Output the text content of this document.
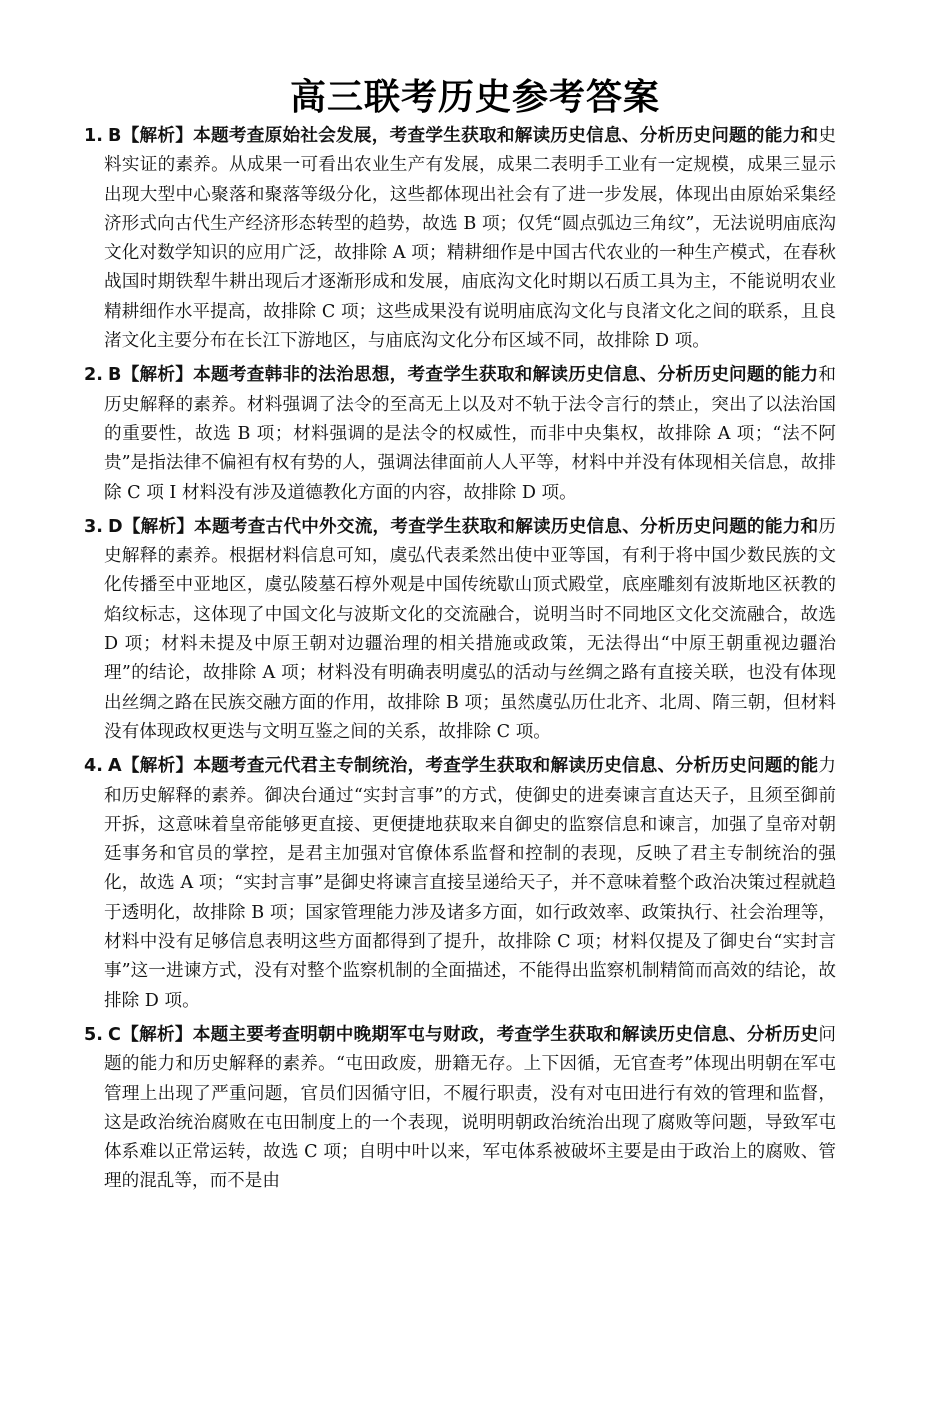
高三联考历史参考答案
1. B【解析】本题考查原始社会发展，考查学生获取和解读历史信息、分析历史问题的能力和史料实证的素养。从成果一可看出农业生产有发展，成果二表明手工业有一定规模，成果三显示出现大型中心聚落和聚落等级分化，这些都体现出社会有了进一步发展，体现出由原始采集经济形式向古代生产经济形态转型的趋势，故选 B 项；仅凭“圆点弧边三角纹”，无法说明庙底沟文化对数学知识的应用广泛，故排除 A 项；精耕细作是中国古代农业的一种生产模式，在春秋战国时期铁犁牛耕出现后才逐渐形成和发展，庙底沟文化时期以石质工具为主，不能说明农业精耕细作水平提高，故排除 C 项；这些成果没有说明庙底沟文化与良渚文化之间的联系，且良渚文化主要分布在长江下游地区，与庙底沟文化分布区域不同，故排除 D 项。
2. B【解析】本题考查韩非的法治思想，考查学生获取和解读历史信息、分析历史问题的能力和历史解释的素养。材料强调了法令的至高无上以及对不轨于法令言行的禁止，突出了以法治国的重要性，故选 B 项；材料强调的是法令的权威性，而非中央集权，故排除 A 项；“法不阿贵”是指法律不偏袒有权有势的人，强调法律面前人人平等，材料中并没有体现相关信息，故排除 C 项 I 材料没有涉及道德教化方面的内容，故排除 D 项。
3. D【解析】本题考查古代中外交流，考查学生获取和解读历史信息、分析历史问题的能力和历史解释的素养。根据材料信息可知，虞弘代表柔然出使中亚等国，有利于将中国少数民族的文化传播至中亚地区，虞弘陵墓石椁外观是中国传统歇山顶式殿堂，底座雕刻有波斯地区祆教的焰纹标志，这体现了中国文化与波斯文化的交流融合，说明当时不同地区文化交流融合，故选 D 项；材料未提及中原王朝对边疆治理的相关措施或政策，无法得出“中原王朝重视边疆治理”的结论，故排除 A 项；材料没有明确表明虞弘的活动与丝绸之路有直接关联，也没有体现出丝绸之路在民族交融方面的作用，故排除 B 项；虽然虞弘历仕北齐、北周、隋三朝，但材料没有体现政权更迭与文明互鉴之间的关系，故排除 C 项。
4. A【解析】本题考查元代君主专制统治，考查学生获取和解读历史信息、分析历史问题的能力和历史解释的素养。御决台通过“实封言事”的方式，使御史的进奏谏言直达天子，且须至御前开拆，这意味着皇帝能够更直接、更便捷地获取来自御史的监察信息和谏言，加强了皇帝对朝廷事务和官员的掌控，是君主加强对官僚体系监督和控制的表现，反映了君主专制统治的强化，故选 A 项；“实封言事”是御史将谏言直接呈递给天子，并不意味着整个政治决策过程就趋于透明化，故排除 B 项；国家管理能力涉及诸多方面，如行政效率、政策执行、社会治理等，材料中没有足够信息表明这些方面都得到了提升，故排除 C 项；材料仅提及了御史台“实封言事”这一进谏方式，没有对整个监察机制的全面描述，不能得出监察机制精简而高效的结论，故排除 D 项。
5. C【解析】本题主要考查明朝中晚期军屯与财政，考查学生获取和解读历史信息、分析历史问题的能力和历史解释的素养。“屯田政废，册籍无存。上下因循，无官查考”体现出明朝在军屯管理上出现了严重问题，官员们因循守旧，不履行职责，没有对屯田进行有效的管理和监督，这是政治统治腐败在屯田制度上的一个表现，说明明朝政治统治出现了腐败等问题，导致军屯体系难以正常运转，故选 C 项；自明中叶以来，军屯体系被破坏主要是由于政治上的腐败、管理的混乱等，而不是由
